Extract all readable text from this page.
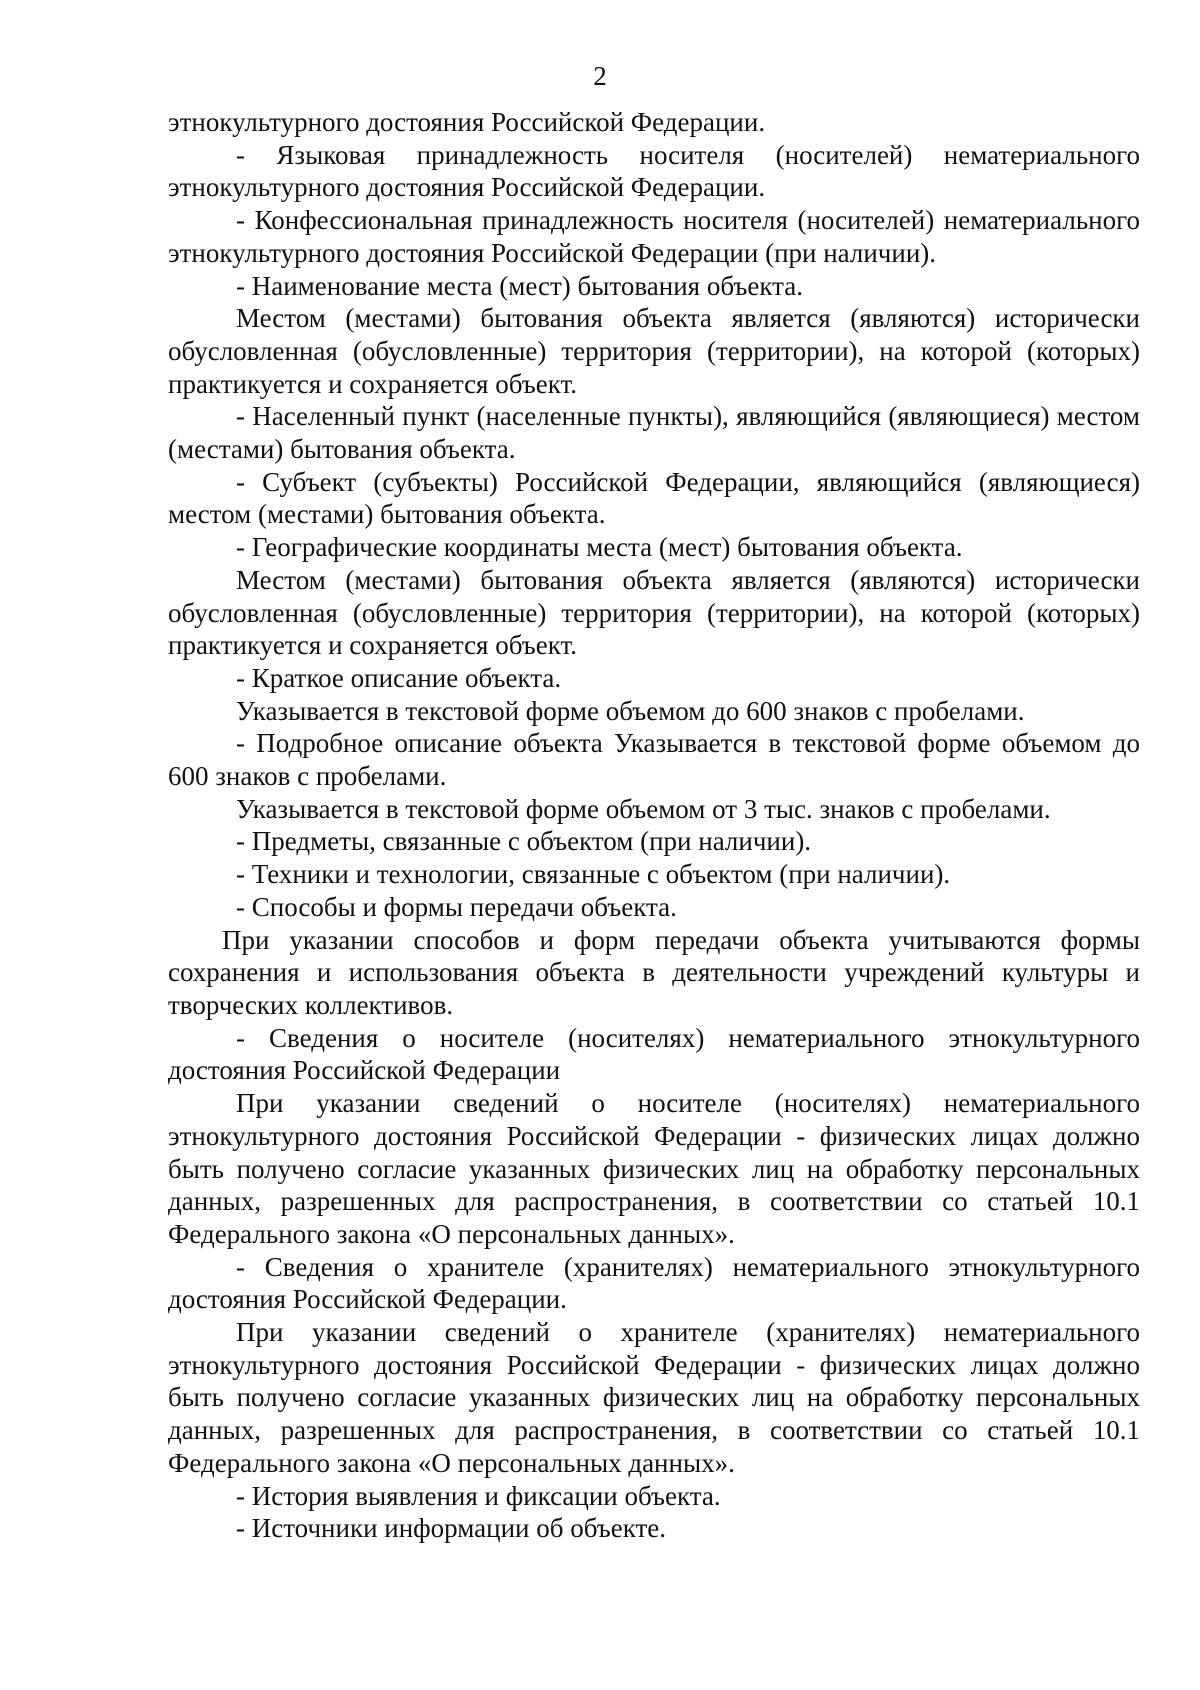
2

этнокультурного достояния Российской Федерации.

- Языковая принадлежность носителя (носителей) нематериального этнокультурного достояния Российской Федерации.

- Конфессиональная принадлежность носителя (носителей) нематериального этнокультурного достояния Российской Федерации (при наличии).

- Наименование места (мест) бытования объекта.

Местом (местами) бытования объекта является (являются) исторически обусловленная (обусловленные) территория (территории), на которой (которых) практикуется и сохраняется объект.

- Населенный пункт (населенные пункты), являющийся (являющиеся) местом (местами) бытования объекта.

- Субъект (субъекты) Российской Федерации, являющийся (являющиеся) местом (местами) бытования объекта.

- Географические координаты места (мест) бытования объекта.

Местом (местами) бытования объекта является (являются) исторически обусловленная (обусловленные) территория (территории), на которой (которых) практикуется и сохраняется объект.

- Краткое описание объекта.

Указывается в текстовой форме объемом до 600 знаков с пробелами.

- Подробное описание объекта Указывается в текстовой форме объемом до 600 знаков с пробелами.

Указывается в текстовой форме объемом от 3 тыс. знаков с пробелами.

- Предметы, связанные с объектом (при наличии).

- Техники и технологии, связанные с объектом (при наличии).

- Способы и формы передачи объекта.

При указании способов и форм передачи объекта учитываются формы сохранения и использования объекта в деятельности учреждений культуры и творческих коллективов.

- Сведения о носителе (носителях) нематериального этнокультурного достояния Российской Федерации

При указании сведений о носителе (носителях) нематериального этнокультурного достояния Российской Федерации - физических лицах должно быть получено согласие указанных физических лиц на обработку персональных данных, разрешенных для распространения, в соответствии со статьей 10.1 Федерального закона «О персональных данных».

- Сведения о хранителе (хранителях) нематериального этнокультурного достояния Российской Федерации.

При указании сведений о хранителе (хранителях) нематериального этнокультурного достояния Российской Федерации - физических лицах должно быть получено согласие указанных физических лиц на обработку персональных данных, разрешенных для распространения, в соответствии со статьей 10.1 Федерального закона «О персональных данных».

- История выявления и фиксации объекта.

- Источники информации об объекте.
